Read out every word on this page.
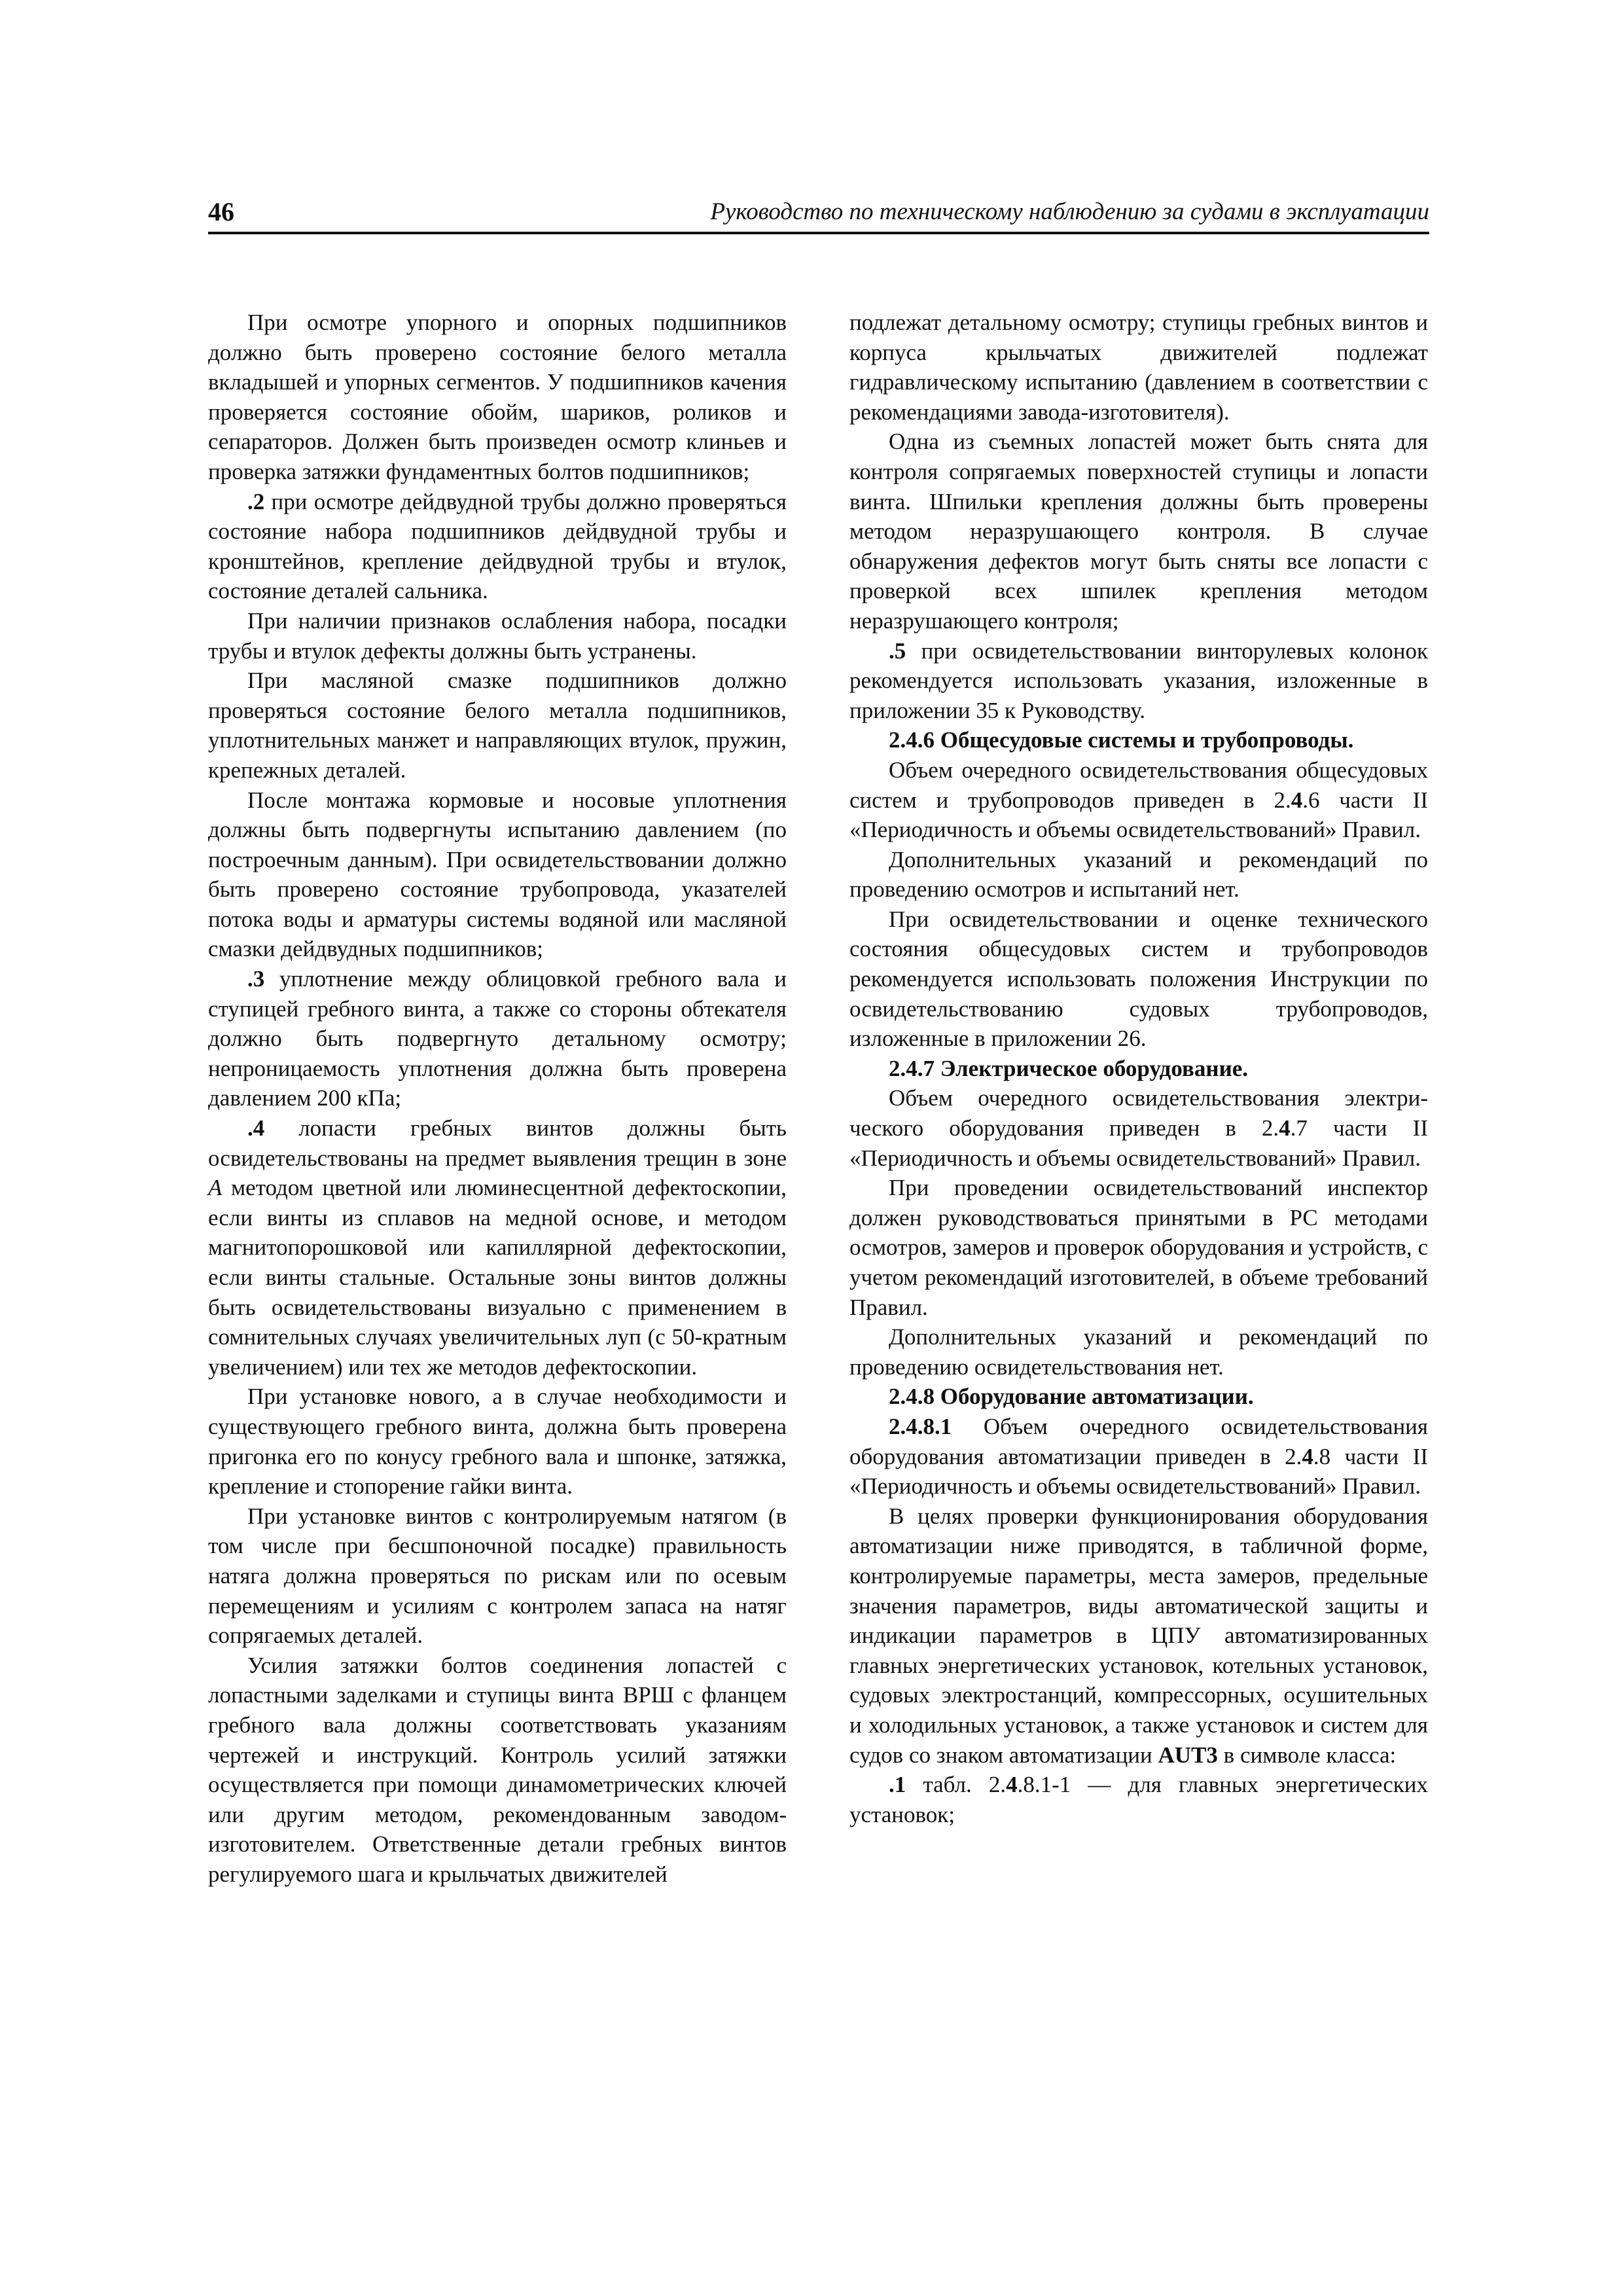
46	Руководство по техническому наблюдению за судами в эксплуатации

При осмотре упорного и опорных подшипников должно быть проверено состояние белого металла вкладышей и упорных сегментов. У подшипников качения проверяется состояние обойм, шариков, роликов и сепараторов. Должен быть произведен осмотр клиньев и проверка затяжки фундаментных болтов подшипников;

.2 при осмотре дейдвудной трубы должно проверяться состояние набора подшипников дейдвудной трубы и кронштейнов, крепление дейдвудной трубы и втулок, состояние деталей сальника.

При наличии признаков ослабления набора, посадки трубы и втулок дефекты должны быть устранены.

При масляной смазке подшипников должно проверяться состояние белого металла подшипников, уплотнительных манжет и направляющих втулок, пружин, крепежных деталей.

После монтажа кормовые и носовые уплотнения должны быть подвергнуты испытанию давлением (по построечным данным). При освидетельствовании должно быть проверено состояние трубопровода, указателей потока воды и арматуры системы водяной или масляной смазки дейдвудных подшипников;

.3 уплотнение между облицовкой гребного вала и ступицей гребного винта, а также со стороны обтекателя должно быть подвергнуто детальному осмотру; непроницаемость уплотнения должна быть проверена давлением 200 кПа;

.4 лопасти гребных винтов должны быть освидетельствованы на предмет выявления трещин в зоне A методом цветной или люминесцентной дефектоскопии, если винты из сплавов на медной основе, и методом магнитопорошковой или капиллярной дефектоскопии, если винты стальные. Остальные зоны винтов должны быть освидетельствованы визуально с применением в сомнительных случаях увеличительных луп (с 50-кратным увеличением) или тех же методов дефектоскопии.

При установке нового, а в случае необходимости и существующего гребного винта, должна быть проверена пригонка его по конусу гребного вала и шпонке, затяжка, крепление и стопорение гайки винта.

При установке винтов с контролируемым натягом (в том числе при бесшпоночной посадке) правильность натяга должна проверяться по рискам или по осевым перемещениям и усилиям с контролем запаса на натяг сопрягаемых деталей.

Усилия затяжки болтов соединения лопастей с лопастными заделками и ступицы винта ВРШ с фланцем гребного вала должны соответствовать указаниям чертежей и инструкций. Контроль усилий затяжки осуществляется при помощи динамометрических ключей или другим методом, рекомендованным заводом-изготовителем. Ответственные детали гребных винтов регулируемого шага и крыльчатых движителей

подлежат детальному осмотру; ступицы гребных винтов и корпуса крыльчатых движителей подлежат гидравлическому испытанию (давлением в соответствии с рекомендациями завода-изготовителя).

Одна из съемных лопастей может быть снята для контроля сопрягаемых поверхностей ступицы и лопасти винта. Шпильки крепления должны быть проверены методом неразрушающего контроля. В случае обнаружения дефектов могут быть сняты все лопасти с проверкой всех шпилек крепления методом неразрушающего контроля;

.5 при освидетельствовании винторулевых колонок рекомендуется использовать указания, изложенные в приложении 35 к Руководству.

2.4.6 Общесудовые системы и трубопроводы.

Объем очередного освидетельствования общесудовых систем и трубопроводов приведен в 2.4.6 части II «Периодичность и объемы освидетельствований» Правил.

Дополнительных указаний и рекомендаций по проведению осмотров и испытаний нет.

При освидетельствовании и оценке технического состояния общесудовых систем и трубопроводов рекомендуется использовать положения Инструкции по освидетельствованию судовых трубопроводов, изложенные в приложении 26.

2.4.7 Электрическое оборудование.

Объем очередного освидетельствования электрического оборудования приведен в 2.4.7 части II «Периодичность и объемы освидетельствований» Правил.

При проведении освидетельствований инспектор должен руководствоваться принятыми в РС методами осмотров, замеров и проверок оборудования и устройств, с учетом рекомендаций изготовителей, в объеме требований Правил.

Дополнительных указаний и рекомендаций по проведению освидетельствования нет.

2.4.8 Оборудование автоматизации.

2.4.8.1 Объем очередного освидетельствования оборудования автоматизации приведен в 2.4.8 части II «Периодичность и объемы освидетельствований» Правил.

В целях проверки функционирования оборудования автоматизации ниже приводятся, в табличной форме, контролируемые параметры, места замеров, предельные значения параметров, виды автоматической защиты и индикации параметров в ЦПУ автоматизированных главных энергетических установок, котельных установок, судовых электростанций, компрессорных, осушительных и холодильных установок, а также установок и систем для судов со знаком автоматизации AUT3 в символе класса:

.1 табл. 2.4.8.1-1 — для главных энергетических установок;
